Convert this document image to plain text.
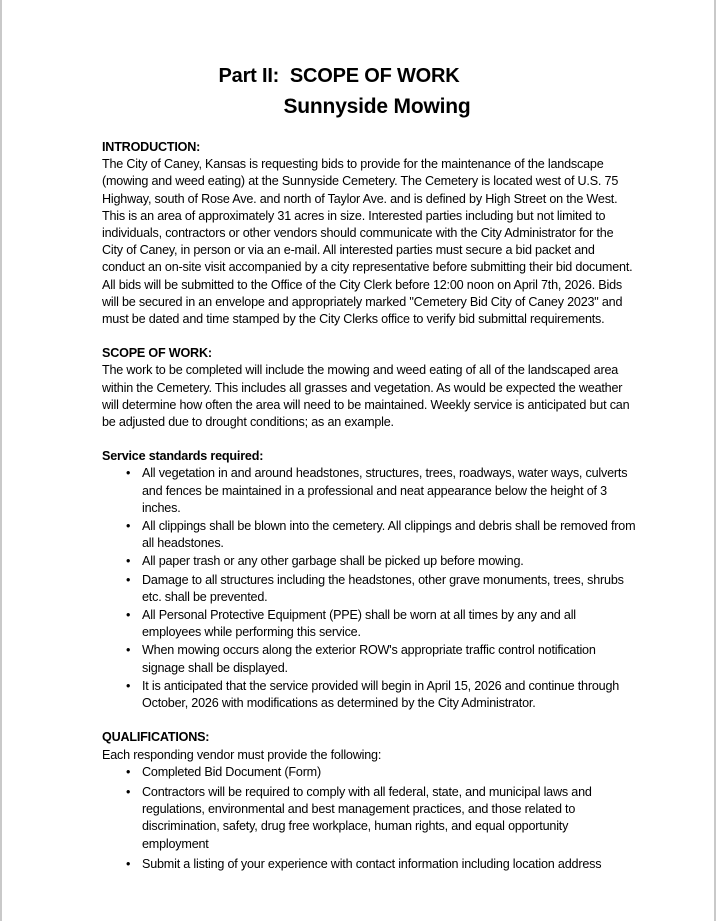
Part II:  SCOPE OF WORK
Sunnyside Mowing
INTRODUCTION:

The City of Caney, Kansas is requesting bids to provide for the maintenance of the landscape (mowing and weed eating) at the Sunnyside Cemetery. The Cemetery is located west of U.S. 75 Highway, south of Rose Ave. and north of Taylor Ave. and is defined by High Street on the West. This is an area of approximately 31 acres in size. Interested parties including but not limited to individuals, contractors or other vendors should communicate with the City Administrator for the City of Caney, in person or via an e-mail. All interested parties must secure a bid packet and conduct an on-site visit accompanied by a city representative before submitting their bid document. All bids will be submitted to the Office of the City Clerk before 12:00 noon on April 7th, 2026. Bids will be secured in an envelope and appropriately marked "Cemetery Bid City of Caney 2023" and must be dated and time stamped by the City Clerks office to verify bid submittal requirements.

SCOPE OF WORK:

The work to be completed will include the mowing and weed eating of all of the landscaped area within the Cemetery. This includes all grasses and vegetation. As would be expected the weather will determine how often the area will need to be maintained. Weekly service is anticipated but can be adjusted due to drought conditions; as an example.

Service standards required:
• All vegetation in and around headstones, structures, trees, roadways, water ways, culverts and fences be maintained in a professional and neat appearance below the height of 3 inches.
• All clippings shall be blown into the cemetery. All clippings and debris shall be removed from all headstones.
• All paper trash or any other garbage shall be picked up before mowing.
• Damage to all structures including the headstones, other grave monuments, trees, shrubs etc. shall be prevented.
• All Personal Protective Equipment (PPE) shall be worn at all times by any and all employees while performing this service.
• When mowing occurs along the exterior ROW's appropriate traffic control notification signage shall be displayed.
• It is anticipated that the service provided will begin in April 15, 2026 and continue through October, 2026 with modifications as determined by the City Administrator.
QUALIFICATIONS:

Each responding vendor must provide the following:

• Completed Bid Document (Form)
• Contractors will be required to comply with all federal, state, and municipal laws and regulations, environmental and best management practices, and those related to discrimination, safety, drug free workplace, human rights, and equal opportunity employment
• Submit a listing of your experience with contact information including location address
